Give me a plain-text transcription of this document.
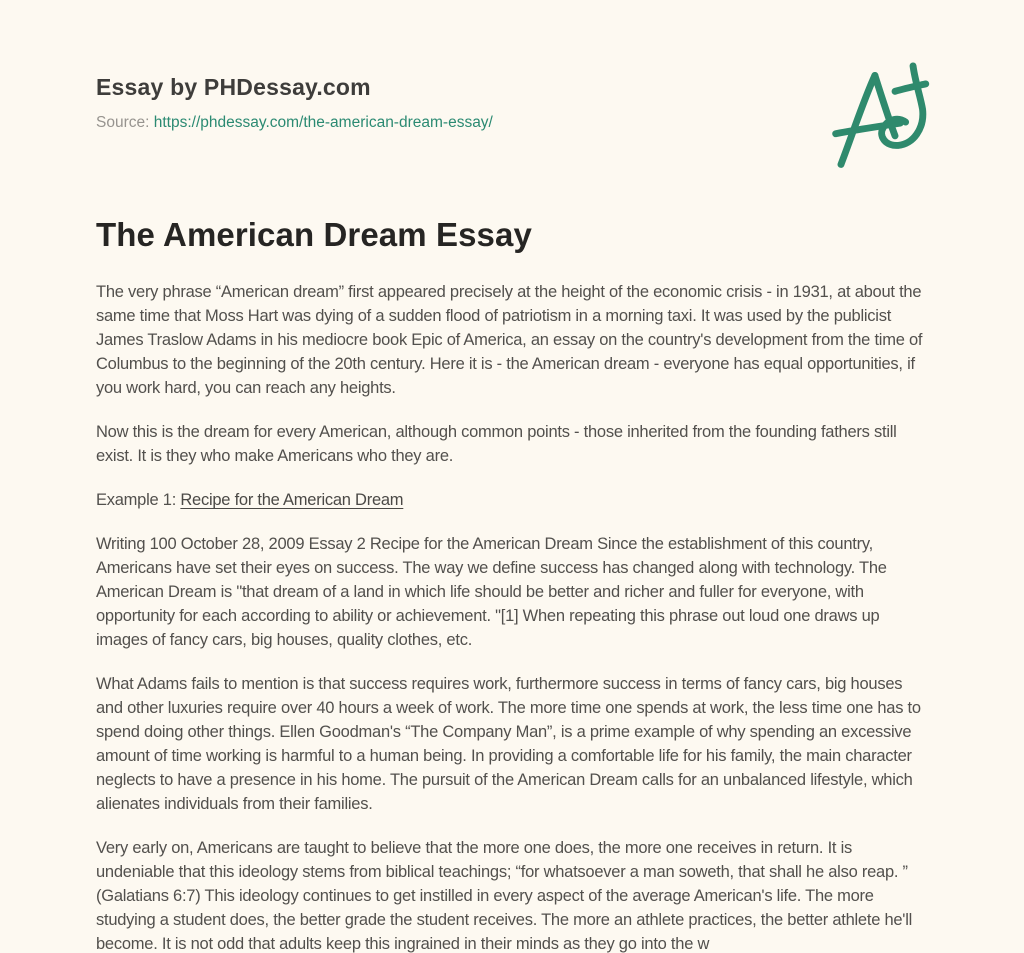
Essay by PHDessay.com

Source: https://phdessay.com/the-american-dream-essay/

The American Dream Essay

The very phrase “American dream” first appeared precisely at the height of the economic crisis - in 1931, at about the same time that Moss Hart was dying of a sudden flood of patriotism in a morning taxi. It was used by the publicist James Traslow Adams in his mediocre book Epic of America, an essay on the country's development from the time of Columbus to the beginning of the 20th century. Here it is - the American dream - everyone has equal opportunities, if you work hard, you can reach any heights.

Now this is the dream for every American, although common points - those inherited from the founding fathers still exist. It is they who make Americans who they are.

Example 1: Recipe for the American Dream

Writing 100 October 28, 2009 Essay 2 Recipe for the American Dream Since the establishment of this country, Americans have set their eyes on success. The way we define success has changed along with technology. The American Dream is "that dream of a land in which life should be better and richer and fuller for everyone, with opportunity for each according to ability or achievement. "[1] When repeating this phrase out loud one draws up images of fancy cars, big houses, quality clothes, etc.

What Adams fails to mention is that success requires work, furthermore success in terms of fancy cars, big houses and other luxuries require over 40 hours a week of work. The more time one spends at work, the less time one has to spend doing other things. Ellen Goodman's “The Company Man”, is a prime example of why spending an excessive amount of time working is harmful to a human being. In providing a comfortable life for his family, the main character neglects to have a presence in his home. The pursuit of the American Dream calls for an unbalanced lifestyle, which alienates individuals from their families.

Very early on, Americans are taught to believe that the more one does, the more one receives in return. It is undeniable that this ideology stems from biblical teachings; “for whatsoever a man soweth, that shall he also reap. ” (Galatians 6:7) This ideology continues to get instilled in every aspect of the average American's life. The more studying a student does, the better grade the student receives. The more an athlete practices, the better athlete he'll become. It is not odd that adults keep this ingrained in their minds as they go into the w
